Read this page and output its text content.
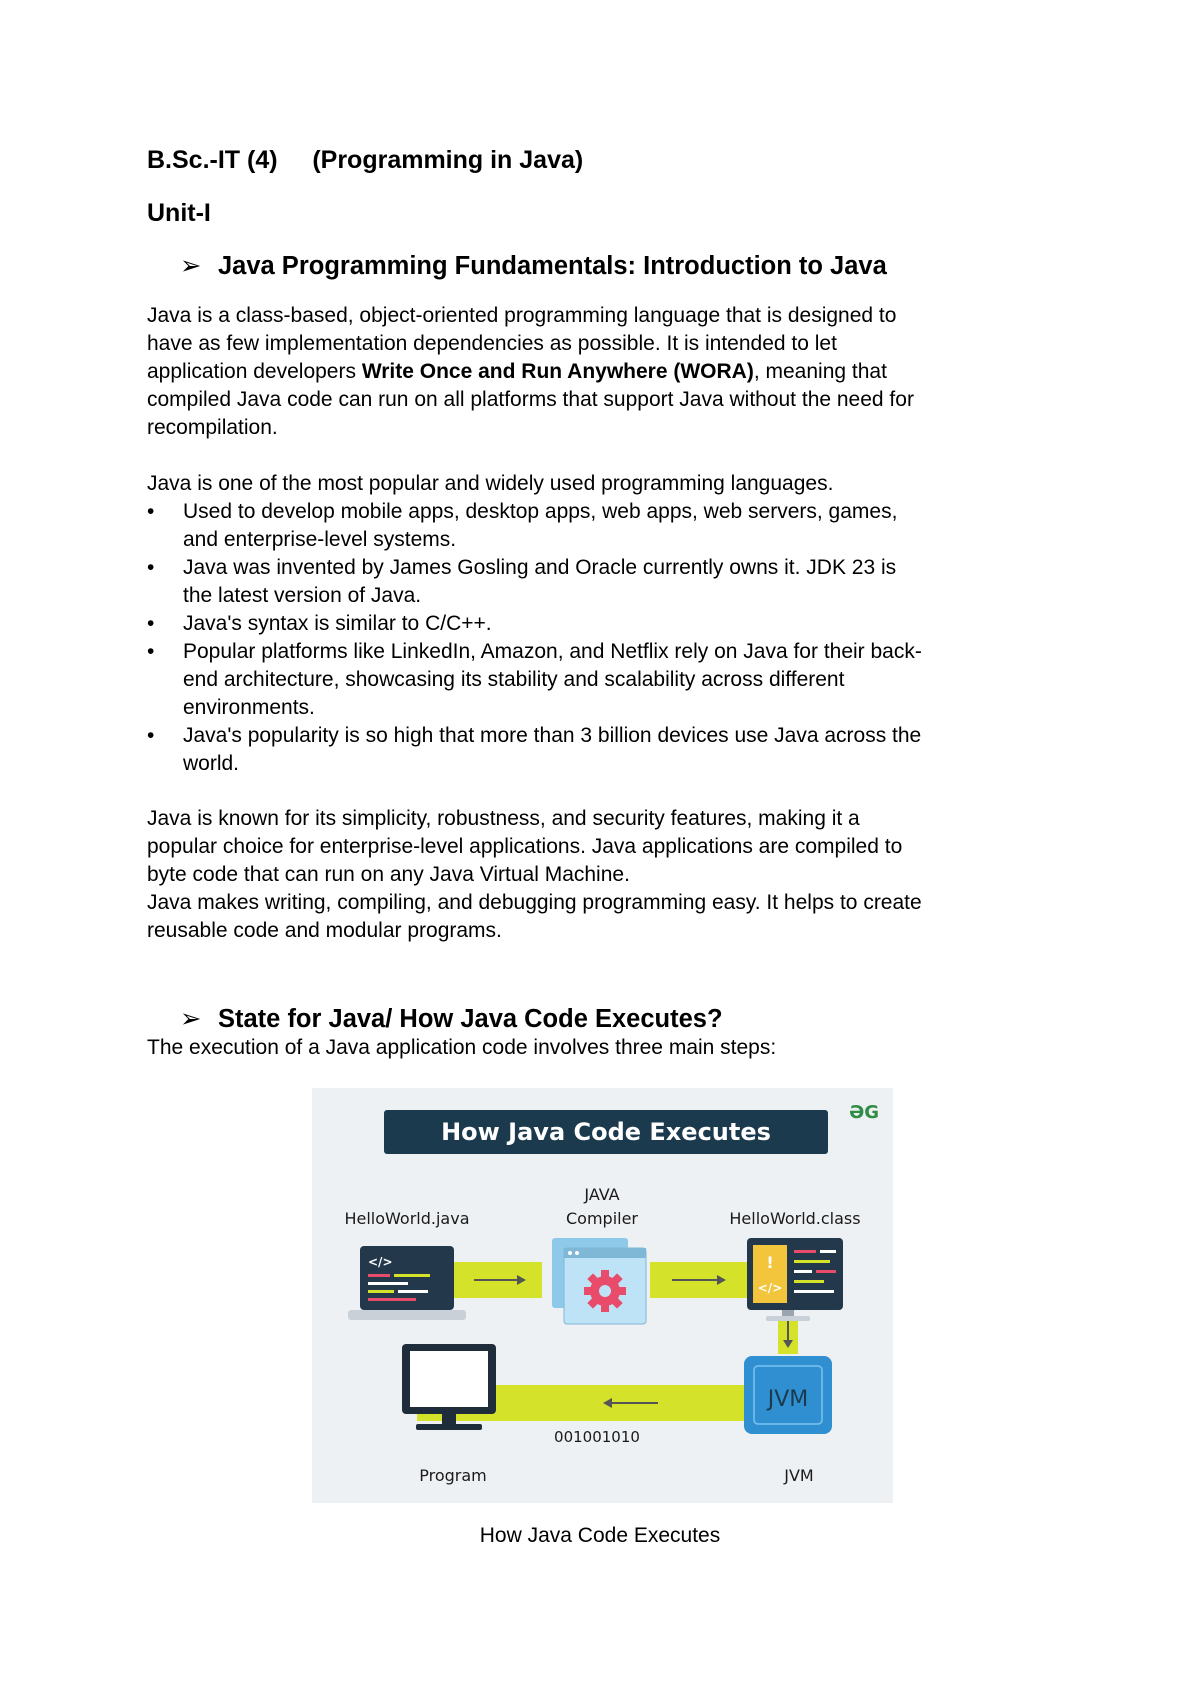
B.Sc.-IT (4) (Programming in Java)
Unit-I
➢ Java Programming Fundamentals: Introduction to Java
Java is a class-based, object-oriented programming language that is designed to
have as few implementation dependencies as possible. It is intended to let
application developers Write Once and Run Anywhere (WORA), meaning that
compiled Java code can run on all platforms that support Java without the need for
recompilation.
Java is one of the most popular and widely used programming languages.
•	Used to develop mobile apps, desktop apps, web apps, web servers, games,
and enterprise-level systems.
•	Java was invented by James Gosling and Oracle currently owns it. JDK 23 is
the latest version of Java.
•	Java's syntax is similar to C/C++.
•	Popular platforms like LinkedIn, Amazon, and Netflix rely on Java for their back-
end architecture, showcasing its stability and scalability across different
environments.
•	Java's popularity is so high that more than 3 billion devices use Java across the
world.
Java is known for its simplicity, robustness, and security features, making it a
popular choice for enterprise-level applications. Java applications are compiled to
byte code that can run on any Java Virtual Machine.
Java makes writing, compiling, and debugging programming easy. It helps to create
reusable code and modular programs.
➢ State for Java/ How Java Code Executes?
The execution of a Java application code involves three main steps:
How Java Code Executes
ƏG
HelloWorld.java
JAVA
Compiler	HelloWorld.class
</>	!
</>
JVM
001001010
Program	JVM
How Java Code Executes
